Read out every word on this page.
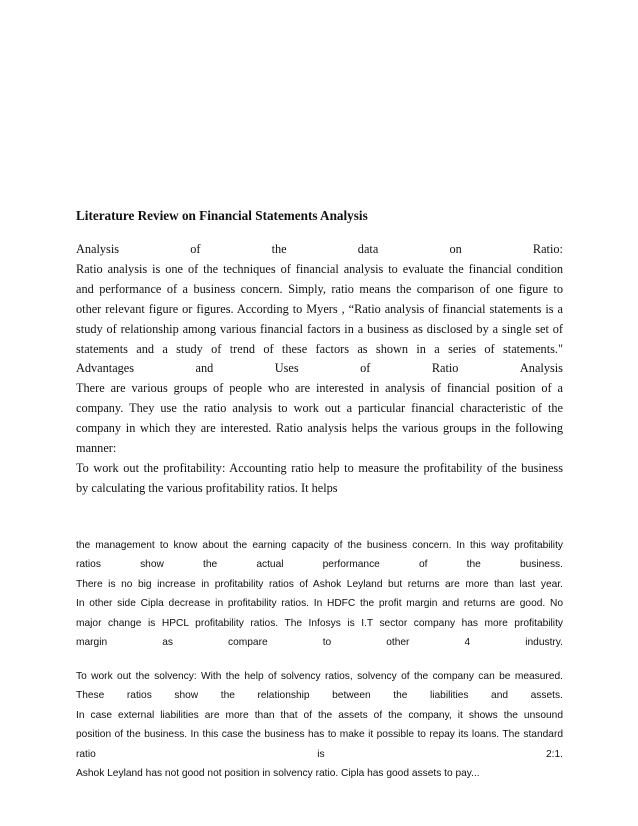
Literature Review on Financial Statements Analysis
Analysis	of	the	data	on	Ratio:
Ratio analysis is one of the techniques of financial analysis to evaluate the financial condition
and performance of a business concern. Simply, ratio means the comparison of one figure to
other relevant figure or figures. According to Myers , “Ratio analysis of financial statements is a
study of relationship among various financial factors in a business as disclosed by a single set of
statements and a study of trend of these factors as shown in a series of statements."
Advantages	and	Uses	of	Ratio	Analysis
There are various groups of people who are interested in analysis of financial position of a
company. They use the ratio analysis to work out a particular financial characteristic of the
company in which they are interested. Ratio analysis helps the various groups in the following
manner:
To work out the profitability: Accounting ratio help to measure the profitability of the business
by calculating the various profitability ratios. It helps
the management to know about the earning capacity of the business concern. In this way profitability
ratios	show	the	actual	performance	of	the	business.
There is no big increase in profitability ratios of Ashok Leyland but returns are more than last year.
In other side Cipla decrease in profitability ratios. In HDFC the profit margin and returns are good. No
major change is HPCL profitability ratios. The Infosys is I.T sector company has more profitability
margin	as	compare	to	other	4	industry.
To work out the solvency: With the help of solvency ratios, solvency of the company can be measured.
These ratios show the relationship between the liabilities and assets.
In case external liabilities are more than that of the assets of the company, it shows the unsound
position of the business. In this case the business has to make it possible to repay its loans. The standard
ratio	is	2:1.
Ashok Leyland has not good not position in solvency ratio. Cipla has good assets to pay...
